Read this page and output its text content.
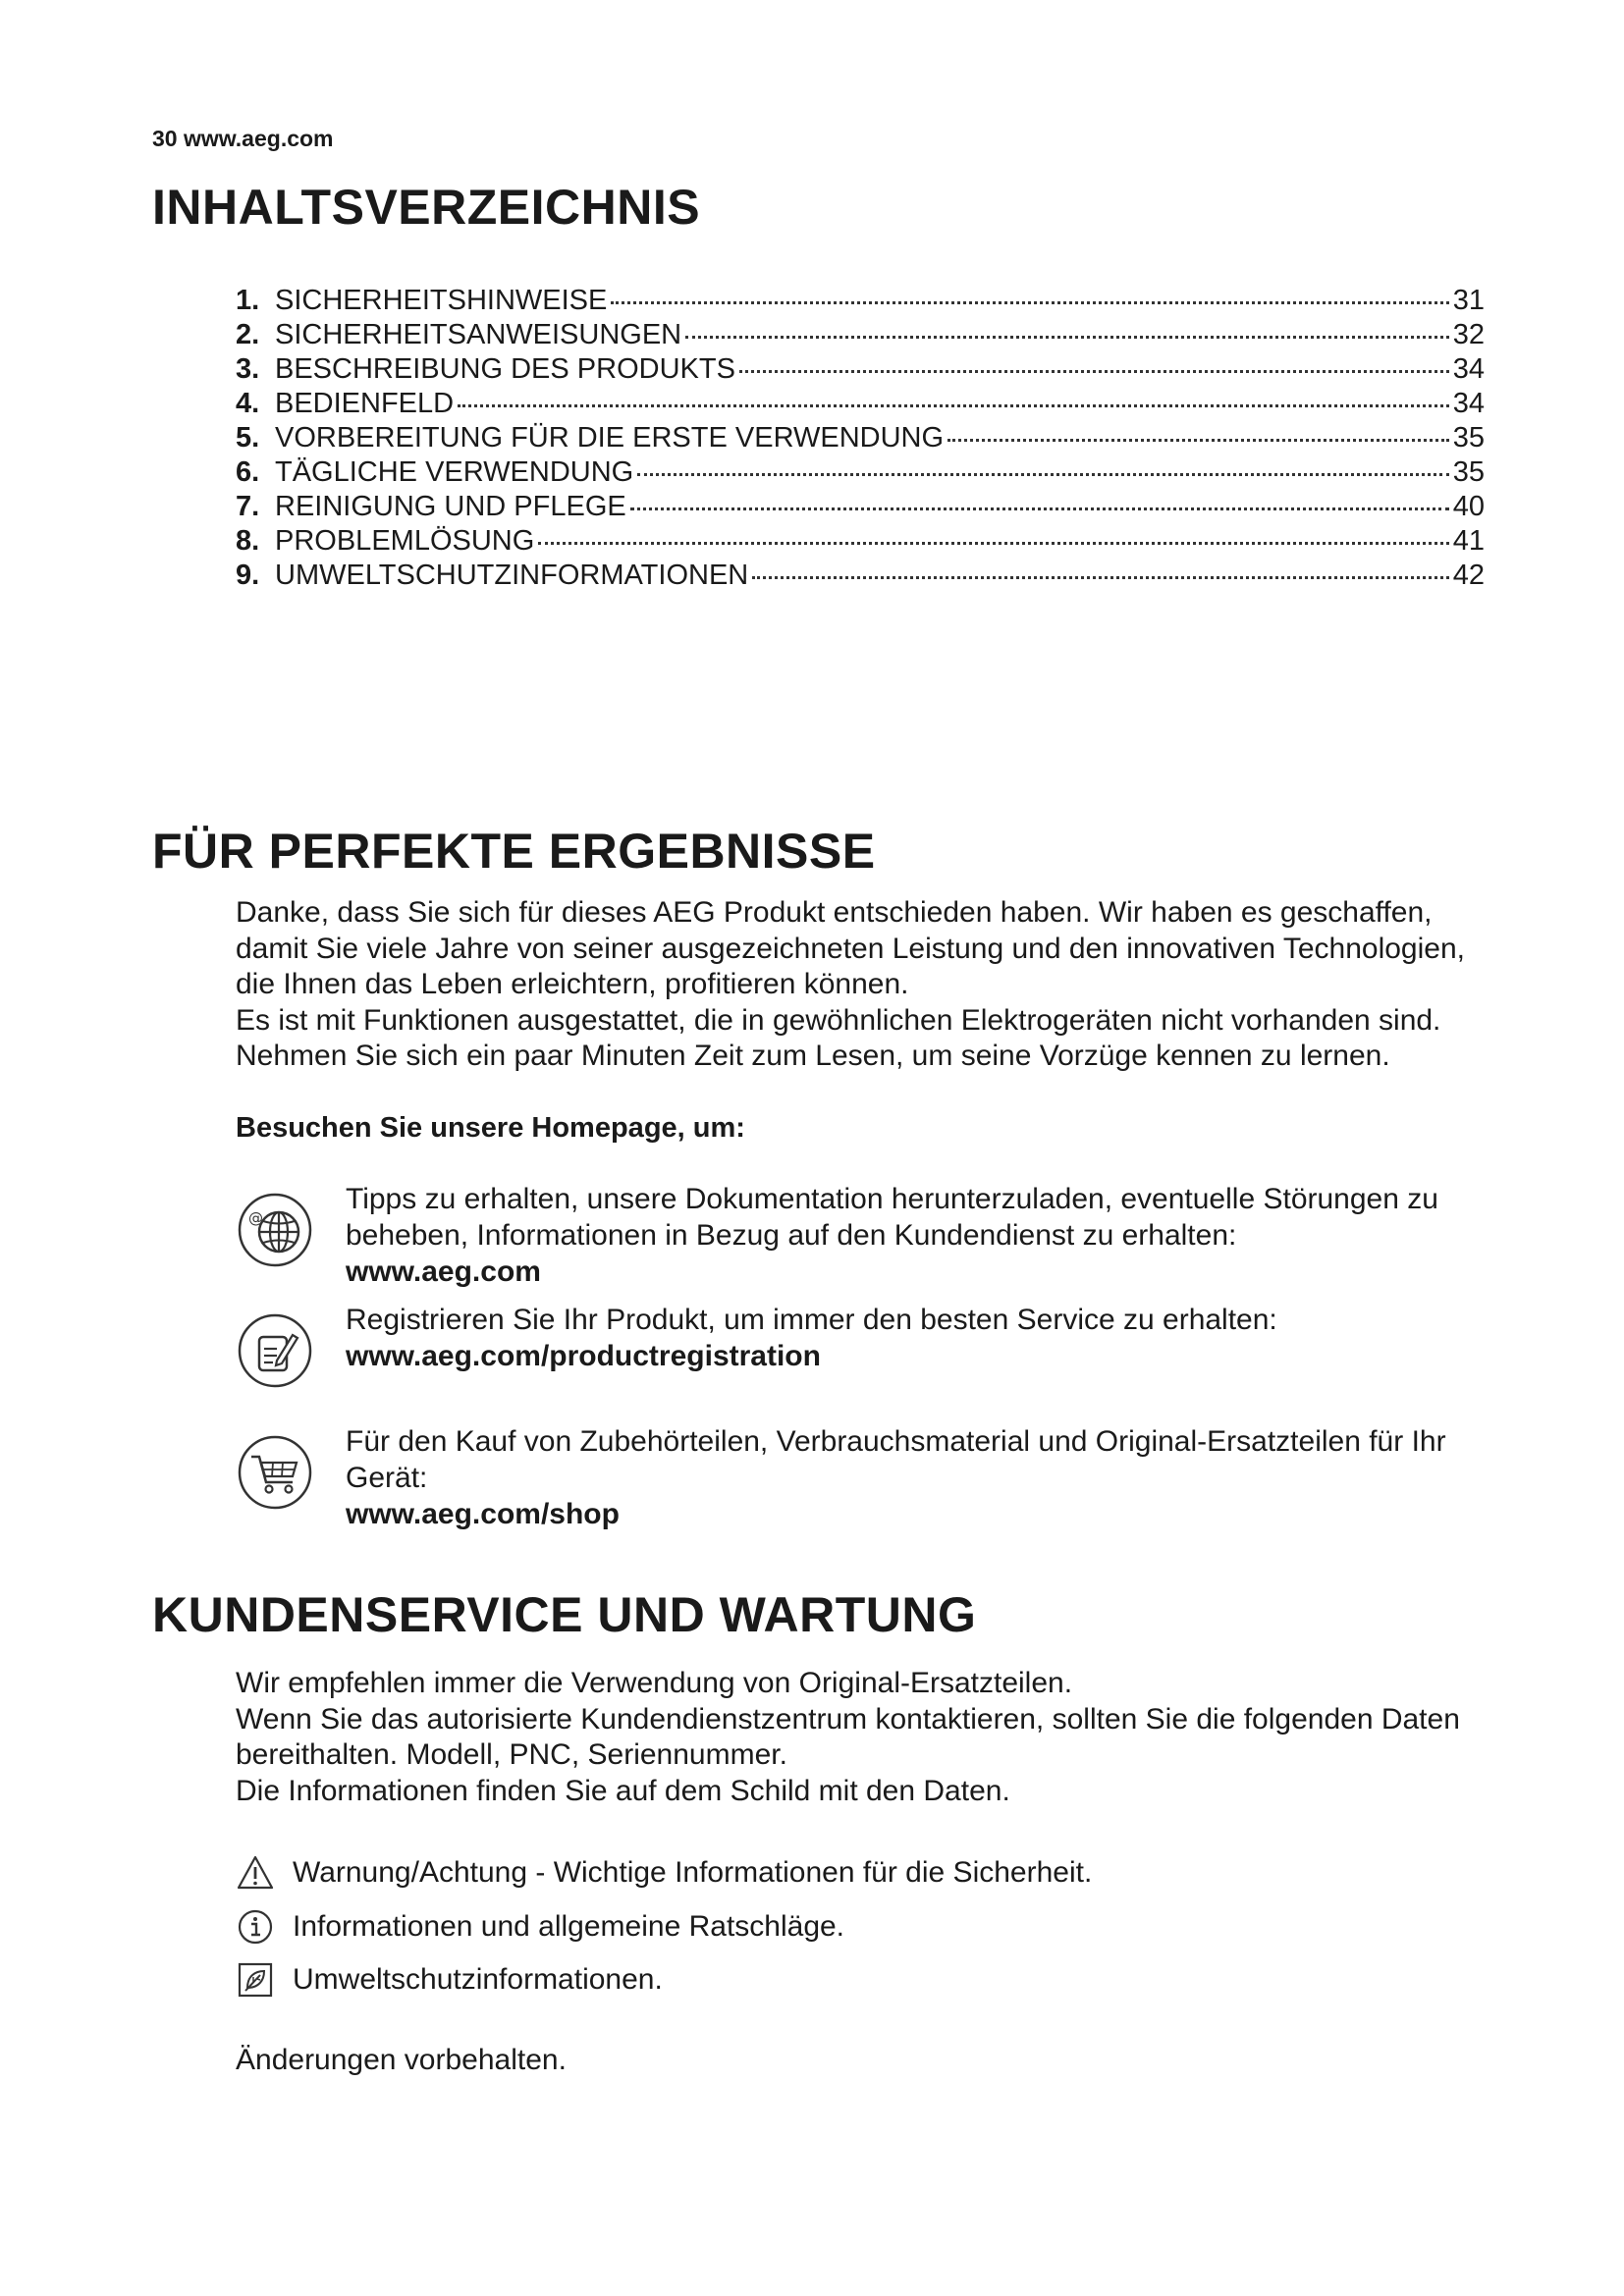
30 www.aeg.com
INHALTSVERZEICHNIS
1. SICHERHEITSHINWEISE	31
2. SICHERHEITSANWEISUNGEN	32
3. BESCHREIBUNG DES PRODUKTS	34
4. BEDIENFELD	34
5. VORBEREITUNG FÜR DIE ERSTE VERWENDUNG	35
6. TÄGLICHE VERWENDUNG	35
7. REINIGUNG UND PFLEGE	40
8. PROBLEMLÖSUNG	41
9. UMWELTSCHUTZINFORMATIONEN	42
FÜR PERFEKTE ERGEBNISSE

Danke, dass Sie sich für dieses AEG Produkt entschieden haben. Wir haben es geschaffen, damit Sie viele Jahre von seiner ausgezeichneten Leistung und den innovativen Technologien, die Ihnen das Leben erleichtern, profitieren können.

Es ist mit Funktionen ausgestattet, die in gewöhnlichen Elektrogeräten nicht vorhanden sind. Nehmen Sie sich ein paar Minuten Zeit zum Lesen, um seine Vorzüge kennen zu lernen.

Besuchen Sie unsere Homepage, um:
@
Tipps zu erhalten, unsere Dokumentation herunterzuladen, eventuelle Störungen zu beheben, Informationen in Bezug auf den Kundendienst zu erhalten:
www.aeg.com
Registrieren Sie Ihr Produkt, um immer den besten Service zu erhalten:
www.aeg.com/productregistration
Für den Kauf von Zubehörteilen, Verbrauchsmaterial und Original-Ersatzteilen für Ihr Gerät:
www.aeg.com/shop
KUNDENSERVICE UND WARTUNG

Wir empfehlen immer die Verwendung von Original-Ersatzteilen.

Wenn Sie das autorisierte Kundendienstzentrum kontaktieren, sollten Sie die folgenden Daten bereithalten. Modell, PNC, Seriennummer.

Die Informationen finden Sie auf dem Schild mit den Daten.

Warnung/Achtung - Wichtige Informationen für die Sicherheit.
Informationen und allgemeine Ratschläge.
Umweltschutzinformationen.
Änderungen vorbehalten.
